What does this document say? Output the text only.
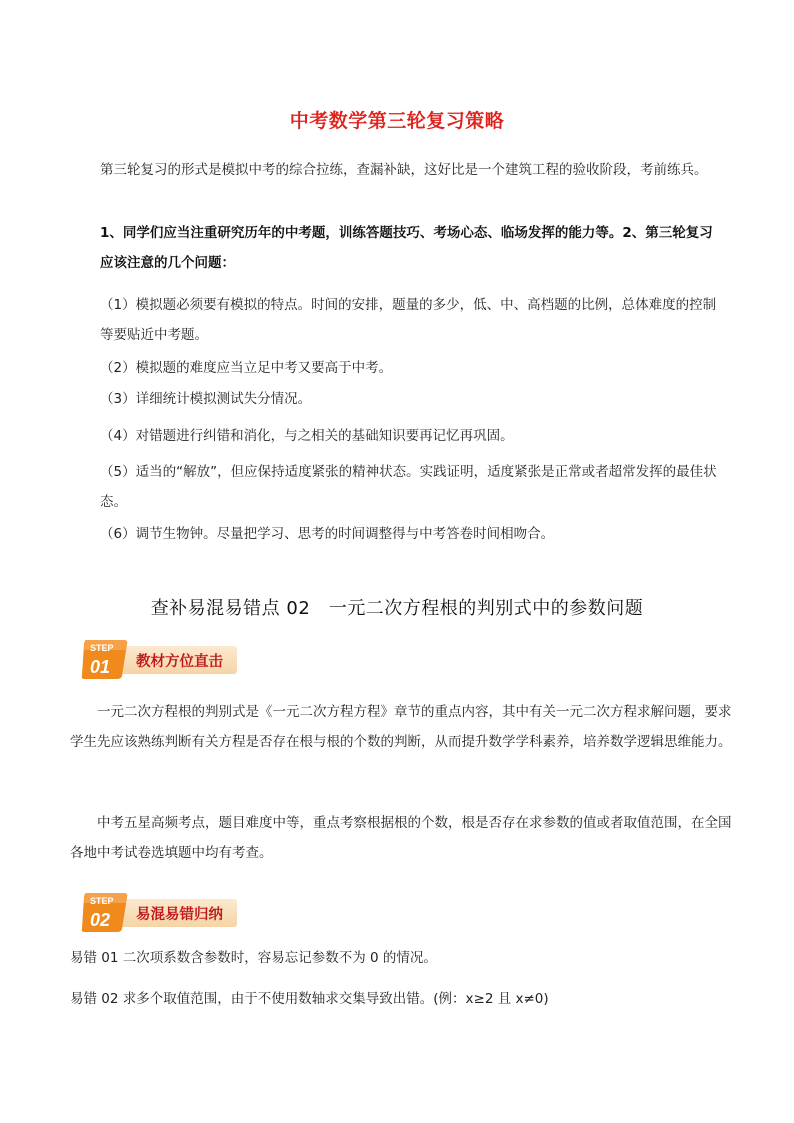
中考数学第三轮复习策略
第三轮复习的形式是模拟中考的综合拉练，查漏补缺，这好比是一个建筑工程的验收阶段，考前练兵。
1、同学们应当注重研究历年的中考题，训练答题技巧、考场心态、临场发挥的能力等。2、第三轮复习应该注意的几个问题：
（1）模拟题必须要有模拟的特点。时间的安排，题量的多少，低、中、高档题的比例，总体难度的控制等要贴近中考题。
（2）模拟题的难度应当立足中考又要高于中考。
（3）详细统计模拟测试失分情况。
（4）对错题进行纠错和消化，与之相关的基础知识要再记忆再巩固。
（5）适当的“解放”，但应保持适度紧张的精神状态。实践证明，适度紧张是正常或者超常发挥的最佳状态。
（6）调节生物钟。尽量把学习、思考的时间调整得与中考答卷时间相吻合。
查补易混易错点 02　一元二次方程根的判别式中的参数问题
教材方位直击
STEP
01
一元二次方程根的判别式是《一元二次方程方程》章节的重点内容，其中有关一元二次方程求解问题，要求学生先应该熟练判断有关方程是否存在根与根的个数的判断，从而提升数学学科素养，培养数学逻辑思维能力。
中考五星高频考点，题目难度中等，重点考察根据根的个数，根是否存在求参数的值或者取值范围，在全国各地中考试卷选填题中均有考查。
易混易错归纳
STEP
02
易错 01 二次项系数含参数时，容易忘记参数不为 0 的情况。
易错 02 求多个取值范围，由于不使用数轴求交集导致出错。(例：x≥2 且 x≠0)
